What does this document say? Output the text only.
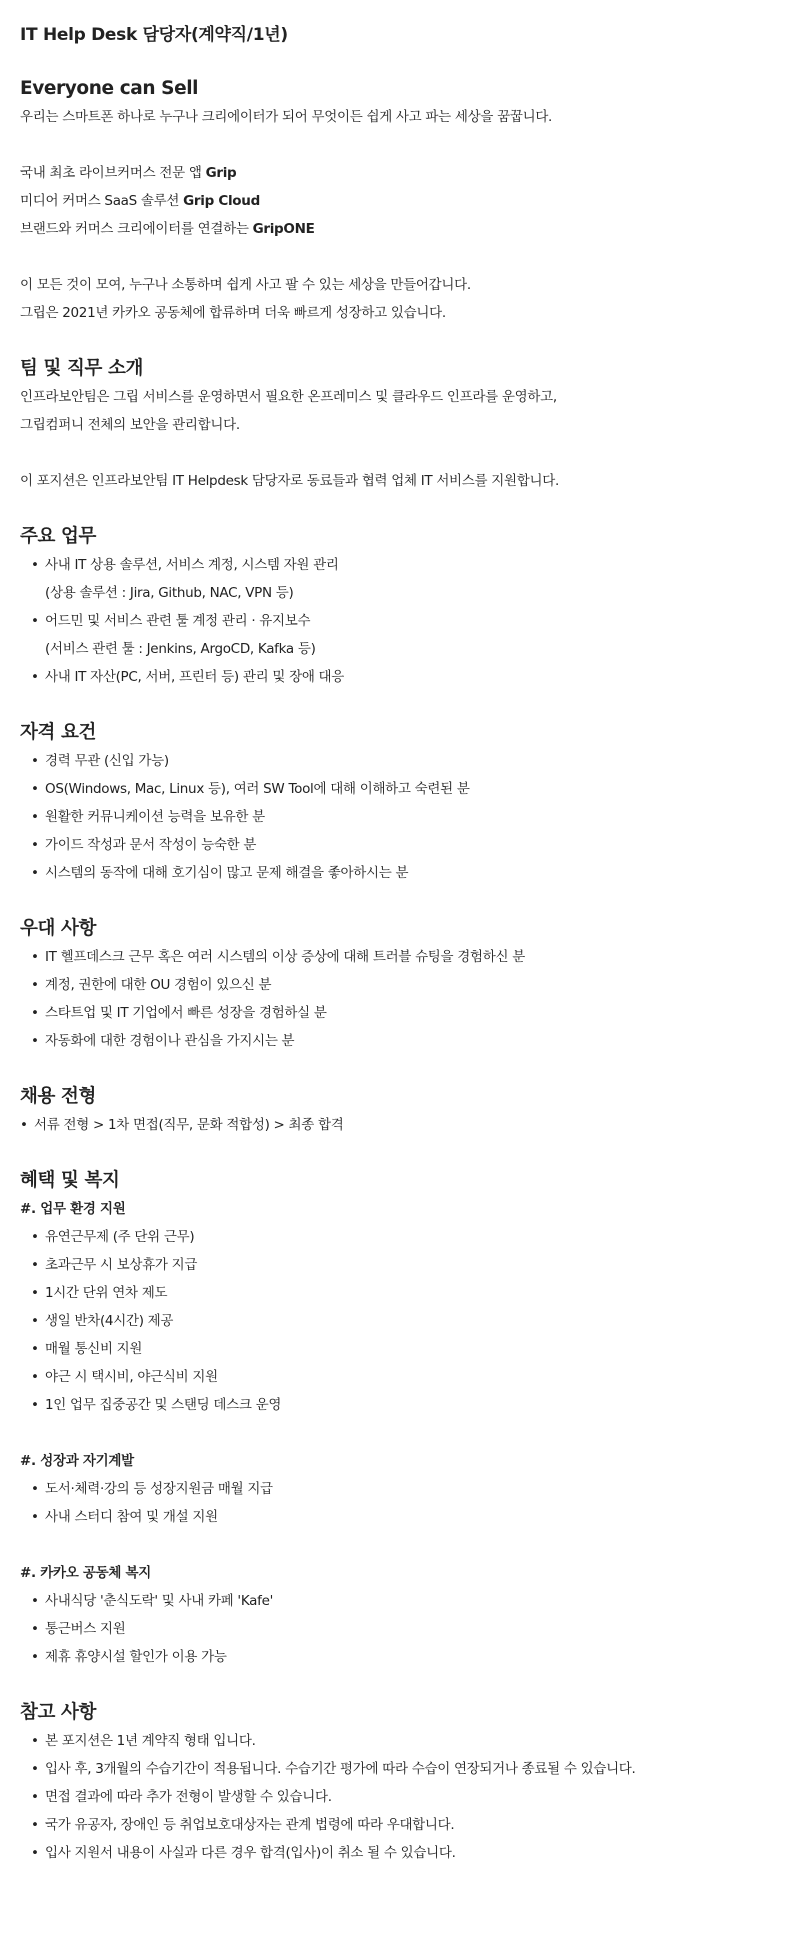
IT Help Desk 담당자(계약직/1년)
Everyone can Sell

우리는 스마트폰 하나로 누구나 크리에이터가 되어 무엇이든 쉽게 사고 파는 세상을 꿈꿉니다.

국내 최초 라이브커머스 전문 앱 Grip

미디어 커머스 SaaS 솔루션 Grip Cloud

브랜드와 커머스 크리에이터를 연결하는 GripONE

이 모든 것이 모여, 누구나 소통하며 쉽게 사고 팔 수 있는 세상을 만들어갑니다.

그립은 2021년 카카오 공동체에 합류하며 더욱 빠르게 성장하고 있습니다.

팀 및 직무 소개

인프라보안팀은 그립 서비스를 운영하면서 필요한 온프레미스 및 클라우드 인프라를 운영하고,

그립컴퍼니 전체의 보안을 관리합니다.

이 포지션은 인프라보안팀 IT Helpdesk 담당자로 동료들과 협력 업체 IT 서비스를 지원합니다.

주요 업무
• 사내 IT 상용 솔루션, 서비스 계정, 시스템 자원 관리
(상용 솔루션 : Jira, Github, NAC, VPN 등)
• 어드민 및 서비스 관련 툴 계정 관리 · 유지보수
(서비스 관련 툴 : Jenkins, ArgoCD, Kafka 등)
• 사내 IT 자산(PC, 서버, 프린터 등) 관리 및 장애 대응
자격 요건
• 경력 무관 (신입 가능)
• OS(Windows, Mac, Linux 등), 여러 SW Tool에 대해 이해하고 숙련된 분
• 원활한 커뮤니케이션 능력을 보유한 분
• 가이드 작성과 문서 작성이 능숙한 분
• 시스템의 동작에 대해 호기심이 많고 문제 해결을 좋아하시는 분
우대 사항
• IT 헬프데스크 근무 혹은 여러 시스템의 이상 증상에 대해 트러블 슈팅을 경험하신 분
• 계정, 권한에 대한 OU 경험이 있으신 분
• 스타트업 및 IT 기업에서 빠른 성장을 경험하실 분
• 자동화에 대한 경험이나 관심을 가지시는 분
채용 전형
• 서류 전형 > 1차 면접(직무, 문화 적합성) > 최종 합격
혜택 및 복지
#. 업무 환경 지원
• 유연근무제 (주 단위 근무)
• 초과근무 시 보상휴가 지급
• 1시간 단위 연차 제도
• 생일 반차(4시간) 제공
• 매월 통신비 지원
• 야근 시 택시비, 야근식비 지원
• 1인 업무 집중공간 및 스탠딩 데스크 운영
#. 성장과 자기계발
• 도서·체력·강의 등 성장지원금 매월 지급
• 사내 스터디 참여 및 개설 지원
#. 카카오 공동체 복지
• 사내식당 '춘식도락' 및 사내 카페 'Kafe'
• 통근버스 지원
• 제휴 휴양시설 할인가 이용 가능
참고 사항
• 본 포지션은 1년 계약직 형태 입니다.
• 입사 후, 3개월의 수습기간이 적용됩니다. 수습기간 평가에 따라 수습이 연장되거나 종료될 수 있습니다.
• 면접 결과에 따라 추가 전형이 발생할 수 있습니다.
• 국가 유공자, 장애인 등 취업보호대상자는 관계 법령에 따라 우대합니다.
• 입사 지원서 내용이 사실과 다른 경우 합격(입사)이 취소 될 수 있습니다.
